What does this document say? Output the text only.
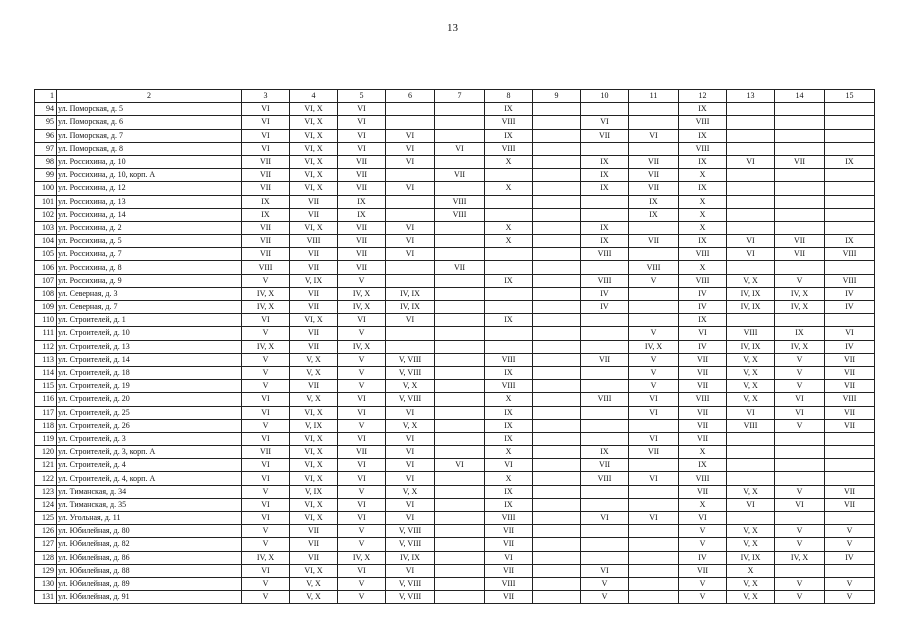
13
1	2	3	4	5	6	7	8	9	10	11	12	13	14	15
94	ул. Поморская, д. 5	VI	VI, X	VI			IX				IX			
95	ул. Поморская, д. 6	VI	VI, X	VI			VIII		VI		VIII			
96	ул. Поморская, д. 7	VI	VI, X	VI	VI		IX		VII	VI	IX			
97	ул. Поморская, д. 8	VI	VI, X	VI	VI	VI	VIII				VIII			
98	ул. Россихина, д. 10	VII	VI, X	VII	VI		X		IX	VII	IX	VI	VII	IX
99	ул. Россихина, д. 10, корп. А	VII	VI, X	VII		VII			IX	VII	X			
100	ул. Россихина, д. 12	VII	VI, X	VII	VI		X		IX	VII	IX			
101	ул. Россихина, д. 13	IX	VII	IX		VIII				IX	X			
102	ул. Россихина, д. 14	IX	VII	IX		VIII				IX	X			
103	ул. Россихина, д. 2	VII	VI, X	VII	VI		X		IX		X			
104	ул. Россихина, д. 5	VII	VIII	VII	VI		X		IX	VII	IX	VI	VII	IX
105	ул. Россихина, д. 7	VII	VII	VII	VI				VIII		VIII	VI	VII	VIII
106	ул. Россихина, д. 8	VIII	VII	VII		VII				VIII	X			
107	ул. Россихина, д. 9	V	V, IX	V			IX		VIII	V	VIII	V, X	V	VIII
108	ул. Северная, д. 3	IV, X	VII	IV, X	IV, IX				IV		IV	IV, IX	IV, X	IV
109	ул. Северная, д. 7	IV, X	VII	IV, X	IV, IX				IV		IV	IV, IX	IV, X	IV
110	ул. Строителей, д. 1	VI	VI, X	VI	VI		IX				IX			
111	ул. Строителей, д. 10	V	VII	V						V	VI	VIII	IX	VI
112	ул. Строителей, д. 13	IV, X	VII	IV, X						IV, X	IV	IV, IX	IV, X	IV
113	ул. Строителей, д. 14	V	V, X	V	V, VIII		VIII		VII	V	VII	V, X	V	VII
114	ул. Строителей, д. 18	V	V, X	V	V, VIII		IX			V	VII	V, X	V	VII
115	ул. Строителей, д. 19	V	VII	V	V, X		VIII			V	VII	V, X	V	VII
116	ул. Строителей, д. 20	VI	V, X	VI	V, VIII		X		VIII	VI	VIII	V, X	VI	VIII
117	ул. Строителей, д. 25	VI	VI, X	VI	VI		IX			VI	VII	VI	VI	VII
118	ул. Строителей, д. 26	V	V, IX	V	V, X		IX				VII	VIII	V	VII
119	ул. Строителей, д. 3	VI	VI, X	VI	VI		IX			VI	VII			
120	ул. Строителей, д. 3, корп. А	VII	VI, X	VII	VI		X		IX	VII	X			
121	ул. Строителей, д. 4	VI	VI, X	VI	VI	VI	VI		VII		IX			
122	ул. Строителей, д. 4, корп. А	VI	VI, X	VI	VI		X		VIII	VI	VIII			
123	ул. Тиманская, д. 34	V	V, IX	V	V, X		IX				VII	V, X	V	VII
124	ул. Тиманская, д. 35	VI	VI, X	VI	VI		IX				X	VI	VI	VII
125	ул. Угольная, д. 11	VI	VI, X	VI	VI		VIII		VI	VI	VI			
126	ул. Юбилейная, д. 80	V	VII	V	V, VIII		VII				V	V, X	V	V
127	ул. Юбилейная, д. 82	V	VII	V	V, VIII		VII				V	V, X	V	V
128	ул. Юбилейная, д. 86	IV, X	VII	IV, X	IV, IX		VI				IV	IV, IX	IV, X	IV
129	ул. Юбилейная, д. 88	VI	VI, X	VI	VI		VII		VI		VII	X		
130	ул. Юбилейная, д. 89	V	V, X	V	V, VIII		VIII		V		V	V, X	V	V
131	ул. Юбилейная, д. 91	V	V, X	V	V, VIII		VII		V		V	V, X	V	V
